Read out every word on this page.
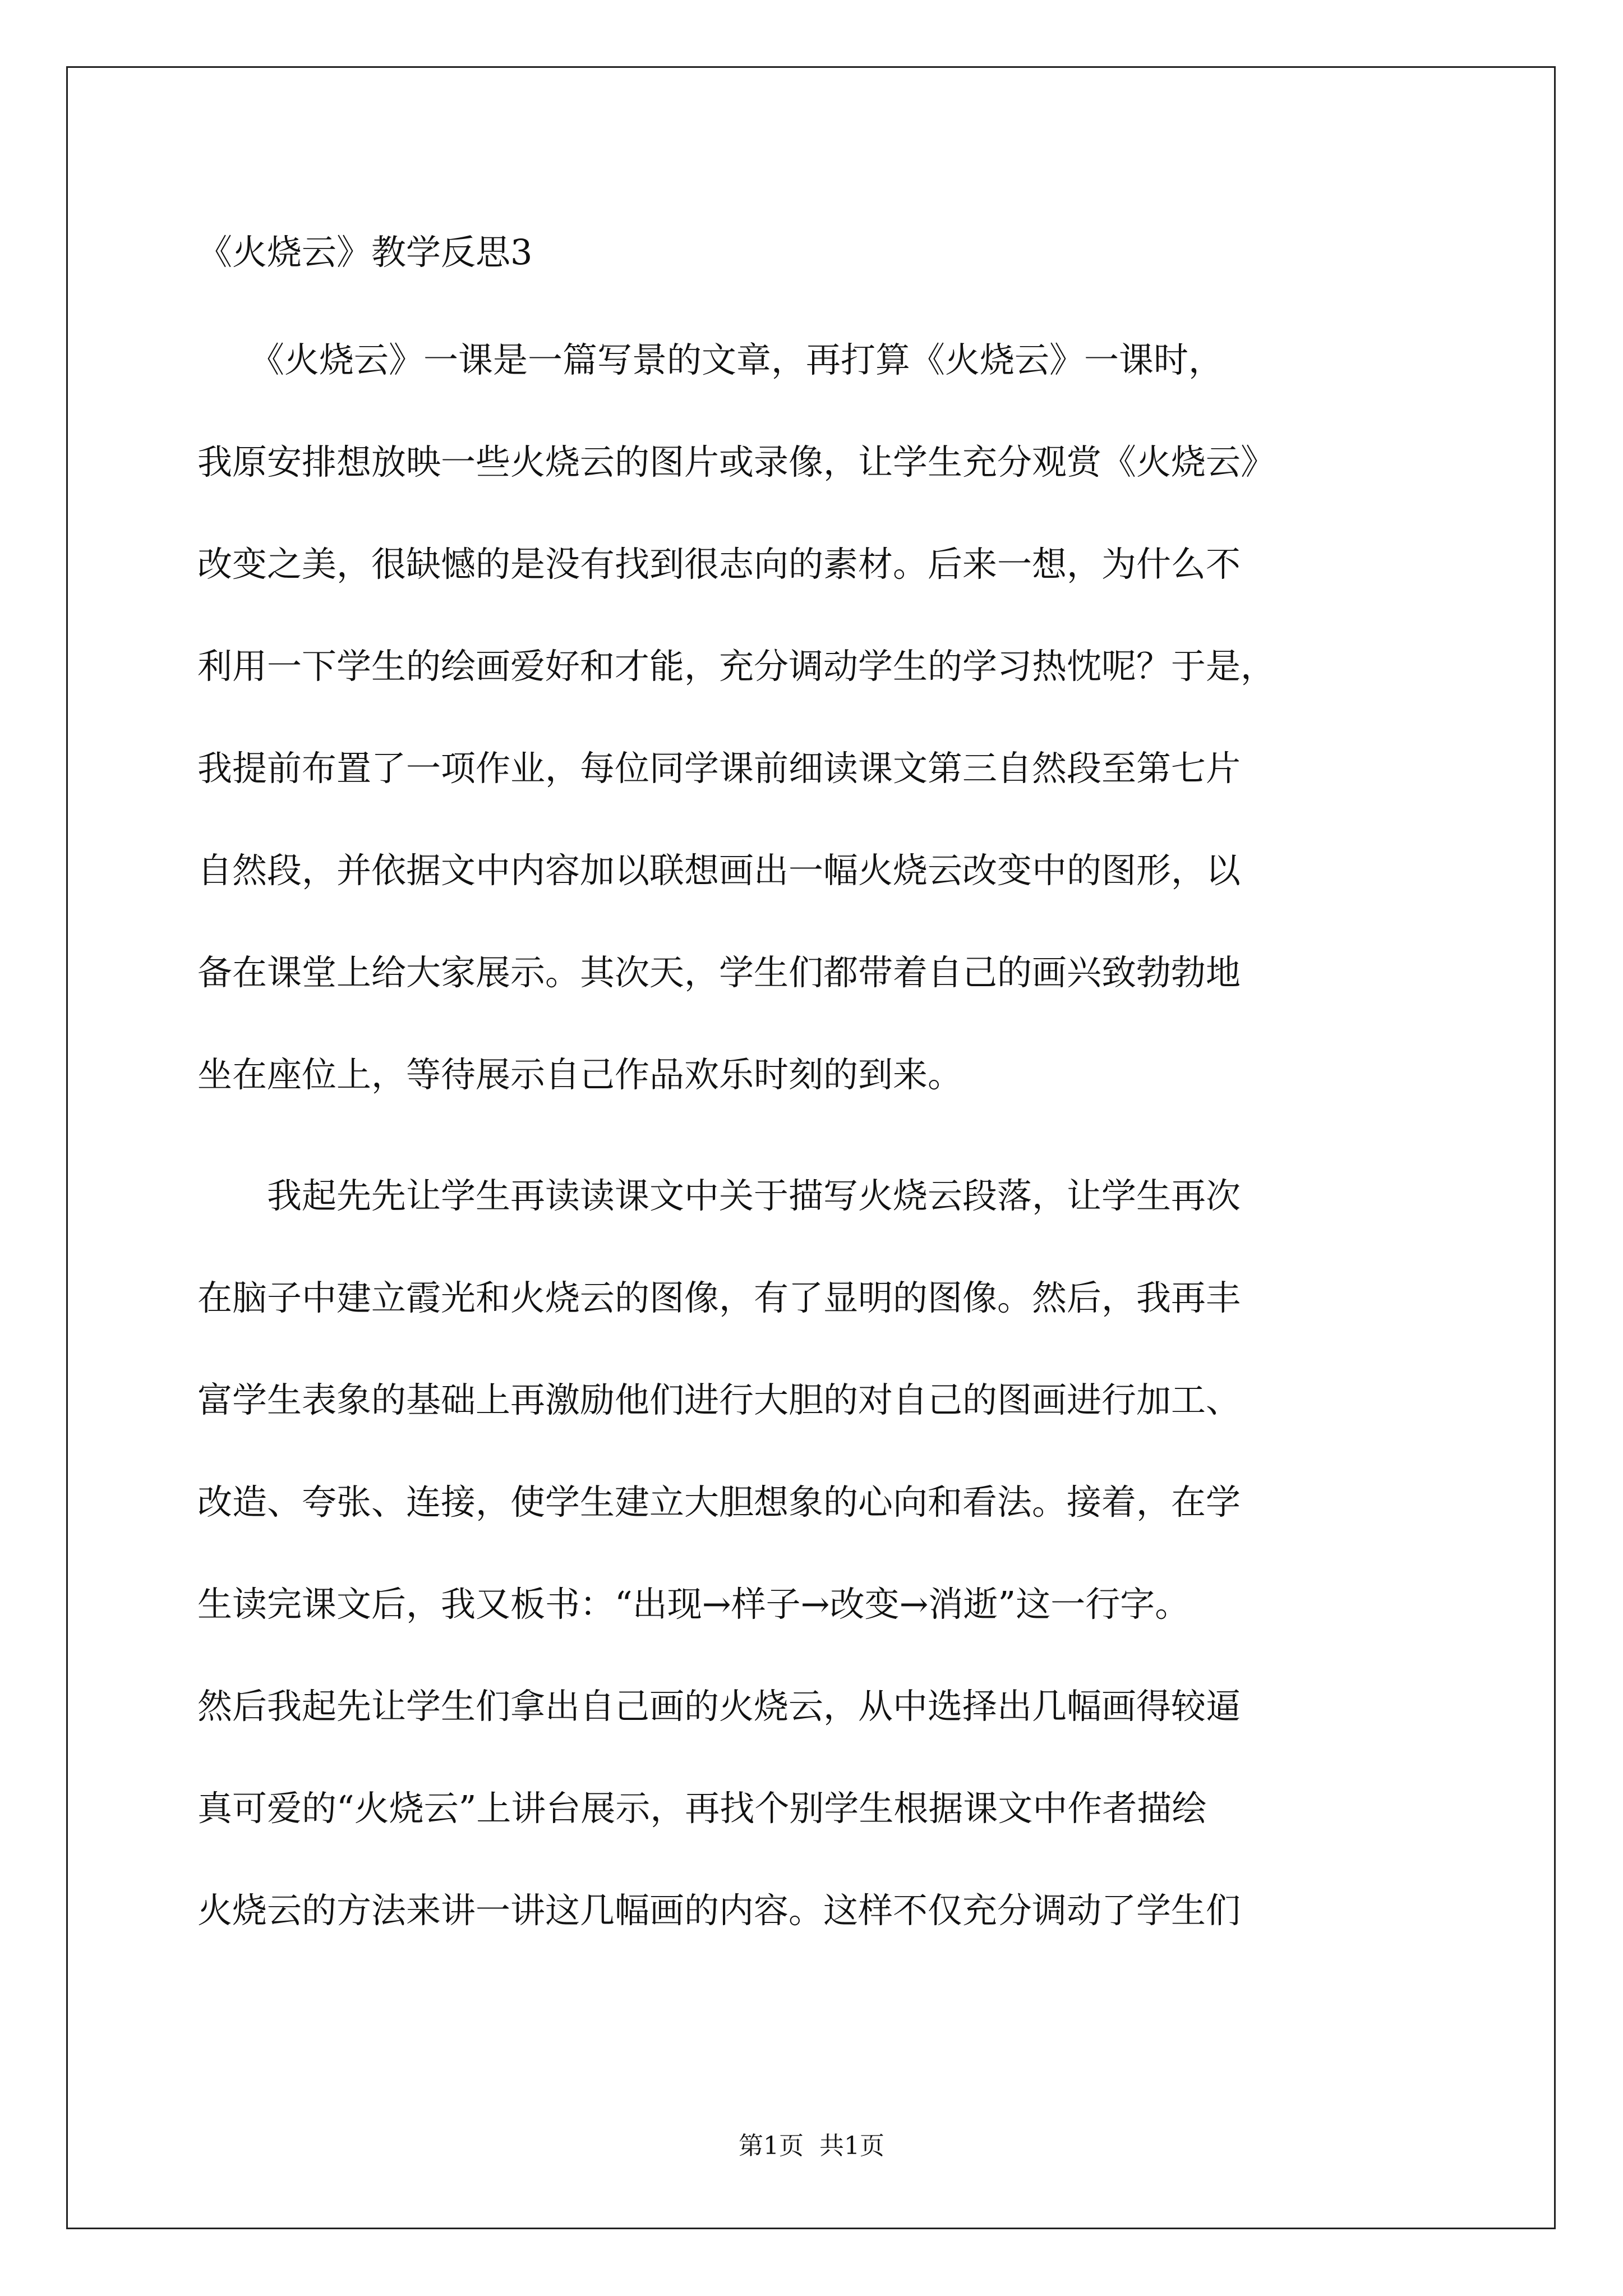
《火烧云》教学反思3

　　《火烧云》一课是一篇写景的文章，再打算《火烧云》一课时，

我原安排想放映一些火烧云的图片或录像，让学生充分观赏《火烧云》

改变之美，很缺憾的是没有找到很志向的素材。后来一想，为什么不

利用一下学生的绘画爱好和才能，充分调动学生的学习热忱呢？于是，

我提前布置了一项作业，每位同学课前细读课文第三自然段至第七片

自然段，并依据文中内容加以联想画出一幅火烧云改变中的图形，以

备在课堂上给大家展示。其次天，学生们都带着自己的画兴致勃勃地

坐在座位上，等待展示自己作品欢乐时刻的到来。

　　我起先先让学生再读读课文中关于描写火烧云段落，让学生再次

在脑子中建立霞光和火烧云的图像，有了显明的图像。然后，我再丰

富学生表象的基础上再激励他们进行大胆的对自己的图画进行加工、

改造、夸张、连接，使学生建立大胆想象的心向和看法。接着，在学

生读完课文后，我又板书：“出现→样子→改变→消逝”这一行字。

然后我起先让学生们拿出自己画的火烧云，从中选择出几幅画得较逼

真可爱的“火烧云”上讲台展示，再找个别学生根据课文中作者描绘

火烧云的方法来讲一讲这几幅画的内容。这样不仅充分调动了学生们

第1页  共1页
